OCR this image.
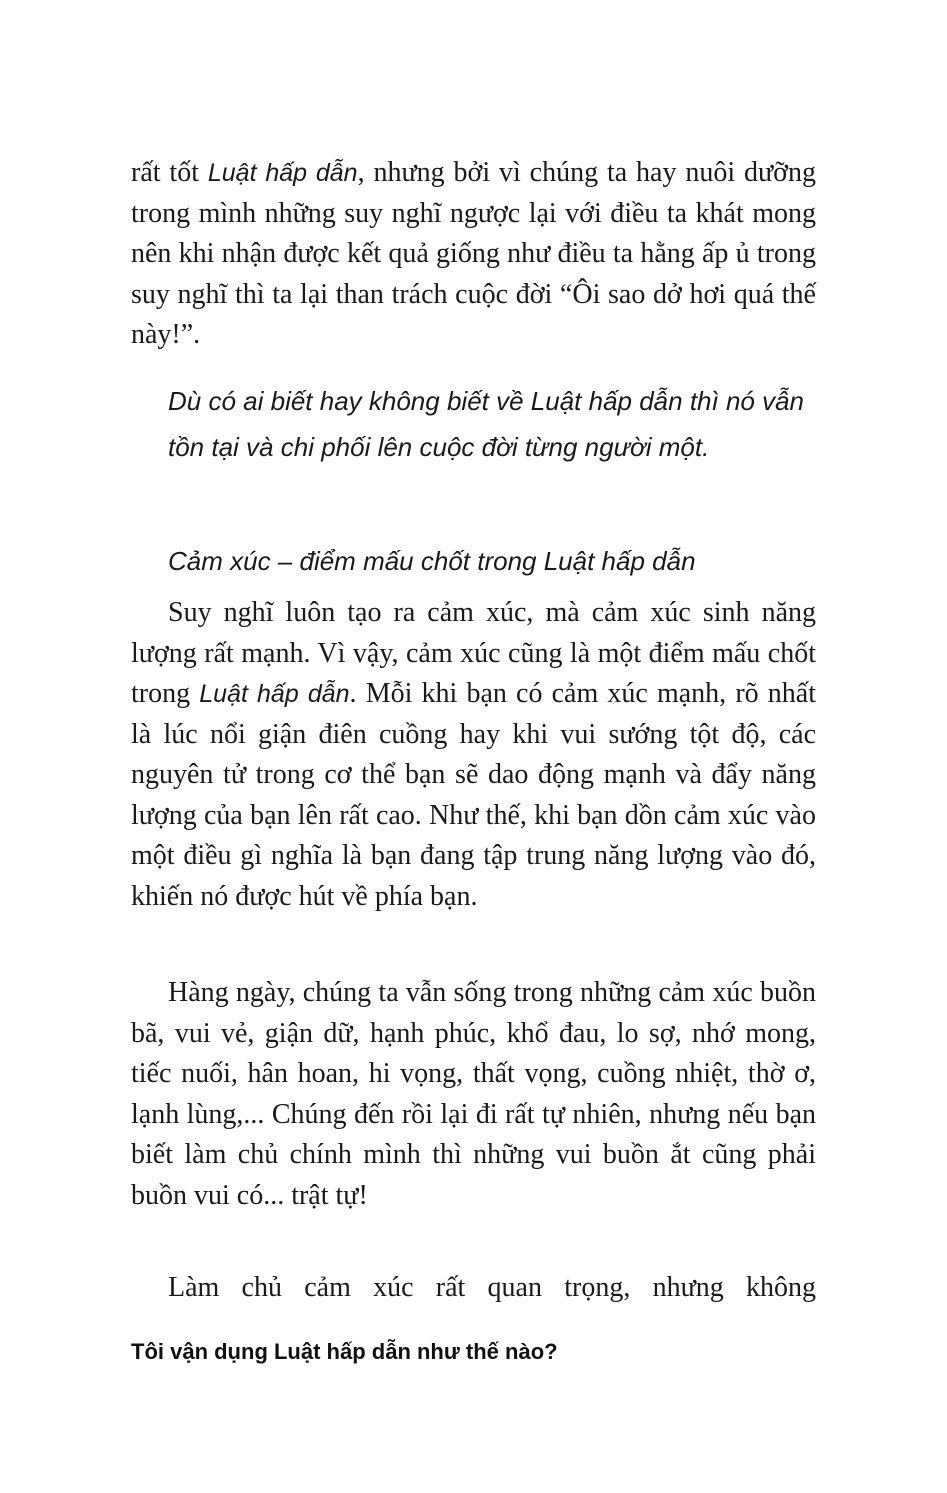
rất tốt Luật hấp dẫn, nhưng bởi vì chúng ta hay nuôi dưỡng trong mình những suy nghĩ ngược lại với điều ta khát mong nên khi nhận được kết quả giống như điều ta hằng ấp ủ trong suy nghĩ thì ta lại than trách cuộc đời “Ôi sao dở hơi quá thế này!”.

Dù có ai biết hay không biết về Luật hấp dẫn thì nó vẫn tồn tại và chi phối lên cuộc đời từng người một.

Cảm xúc – điểm mấu chốt trong Luật hấp dẫn

Suy nghĩ luôn tạo ra cảm xúc, mà cảm xúc sinh năng lượng rất mạnh. Vì vậy, cảm xúc cũng là một điểm mấu chốt trong Luật hấp dẫn. Mỗi khi bạn có cảm xúc mạnh, rõ nhất là lúc nổi giận điên cuồng hay khi vui sướng tột độ, các nguyên tử trong cơ thể bạn sẽ dao động mạnh và đẩy năng lượng của bạn lên rất cao. Như thế, khi bạn dồn cảm xúc vào một điều gì nghĩa là bạn đang tập trung năng lượng vào đó, khiến nó được hút về phía bạn.

Hàng ngày, chúng ta vẫn sống trong những cảm xúc buồn bã, vui vẻ, giận dữ, hạnh phúc, khổ đau, lo sợ, nhớ mong, tiếc nuối, hân hoan, hi vọng, thất vọng, cuồng nhiệt, thờ ơ, lạnh lùng,... Chúng đến rồi lại đi rất tự nhiên, nhưng nếu bạn biết làm chủ chính mình thì những vui buồn ắt cũng phải buồn vui có... trật tự!

Làm chủ cảm xúc rất quan trọng, nhưng không

Tôi vận dụng Luật hấp dẫn như thế nào?
